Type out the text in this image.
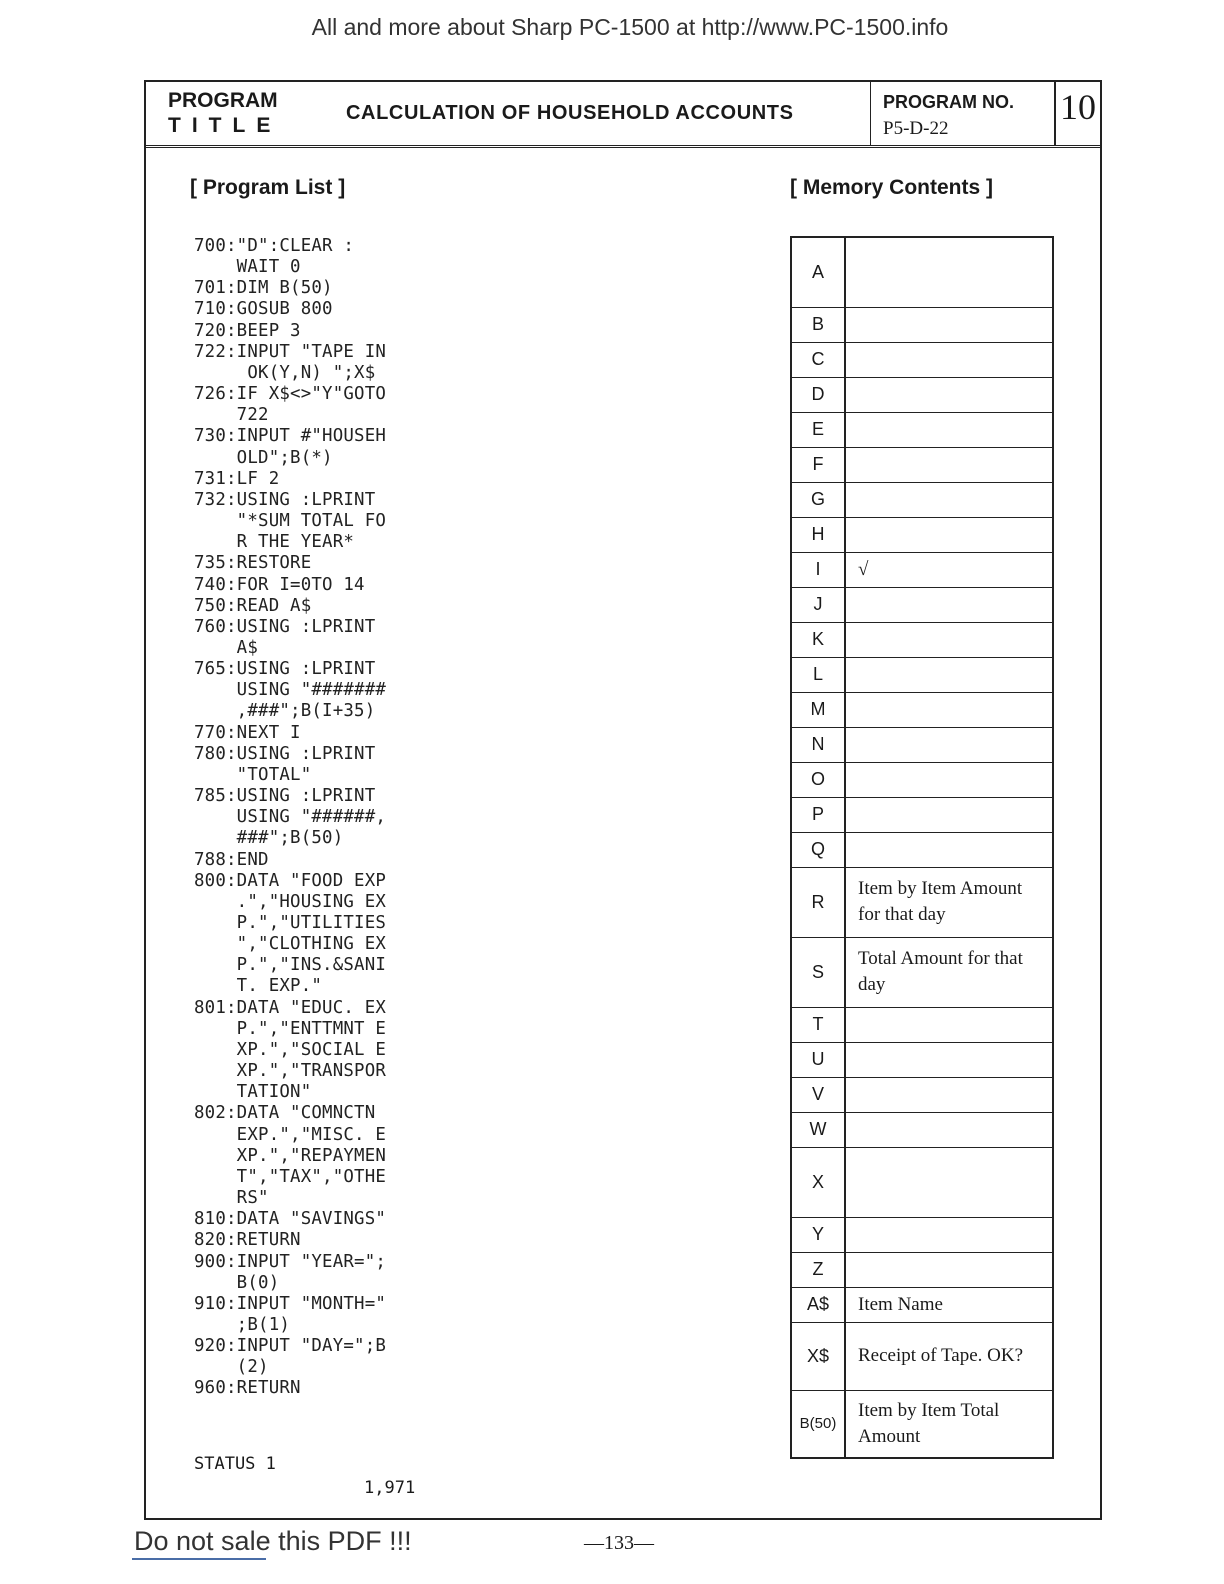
All and more about Sharp PC-1500 at http://www.PC-1500.info
PROGRAM
TITLE
CALCULATION OF HOUSEHOLD ACCOUNTS	PROGRAM NO.
P5-D-22
10
[ Program List ]	[ Memory Contents ]
700:"D":CLEAR :
WAIT 0
701:DIM B(50)
710:GOSUB 800
720:BEEP 3
722:INPUT "TAPE IN
OK(Y,N) ";X$
726:IF X$<>"Y"GOTO
722
730:INPUT #"HOUSEH
OLD";B(*)
731:LF 2
732:USING :LPRINT
"*SUM TOTAL FO
R THE YEAR*
735:RESTORE
740:FOR I=0TO 14
750:READ A$
760:USING :LPRINT
A$
765:USING :LPRINT
USING "#######
,###";B(I+35)
770:NEXT I
780:USING :LPRINT
"TOTAL"
785:USING :LPRINT
USING "######,
###";B(50)
788:END
800:DATA "FOOD EXP
.","HOUSING EX
P.","UTILITIES
","CLOTHING EX
P.","INS.&SANI
T. EXP."
801:DATA "EDUC. EX
P.","ENTTMNT E
XP.","SOCIAL E
XP.","TRANSPOR
TATION"
802:DATA "COMNCTN
EXP.","MISC. E
XP.","REPAYMEN
T","TAX","OTHE
RS"
810:DATA "SAVINGS"
820:RETURN
900:INPUT "YEAR=";
B(0)
910:INPUT "MONTH="
;B(1)
920:INPUT "DAY=";B
(2)
960:RETURN
STATUS 1
1,971
A	
B	
C	
D	
E	
F	
G	
H	
I	√
J	
K	
L	
M	
N	
O	
P	
Q	
R	Item by Item Amount for that day
S	Total Amount for that day
T	
U	
V	
W	
X	
Y	
Z	
A$	Item Name
X$	Receipt of Tape. OK?
B(50)	Item by Item Total Amount
Do not sale this PDF !!!	—133—
